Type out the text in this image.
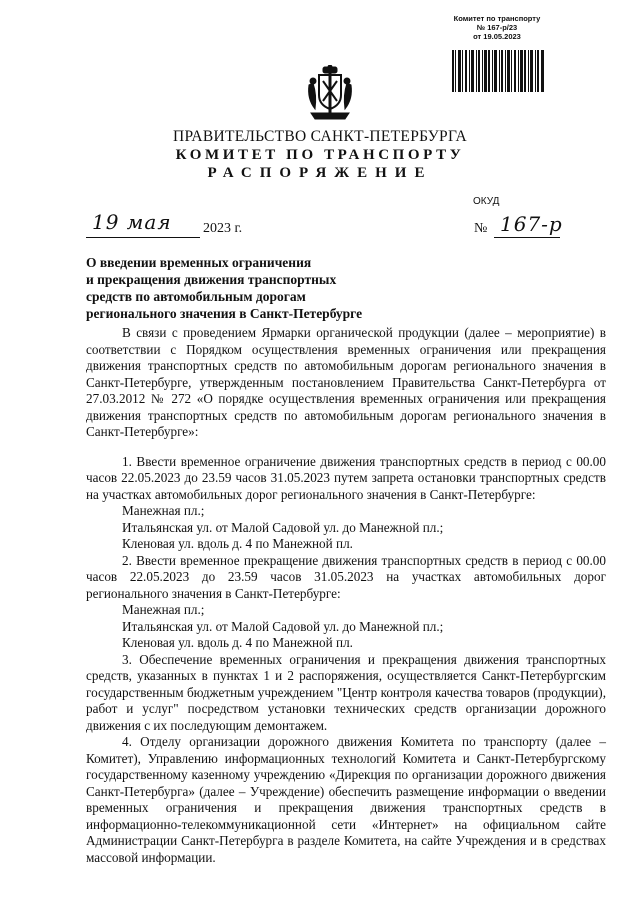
Комитет по транспорту
№ 167-р/23
от 19.05.2023
ПРАВИТЕЛЬСТВО САНКТ-ПЕТЕРБУРГА
КОМИТЕТ ПО ТРАНСПОРТУ
РАСПОРЯЖЕНИЕ
ОКУД
19 мая 2023 г.	№ 167-р
О введении временных ограничения
и прекращения движения транспортных
средств по автомобильным дорогам
регионального значения в Санкт-Петербурге

В связи с проведением Ярмарки органической продукции (далее – мероприятие) в соответствии с Порядком осуществления временных ограничения или прекращения движения транспортных средств по автомобильным дорогам регионального значения в Санкт-Петербурге, утвержденным постановлением Правительства Санкт-Петербурга от 27.03.2012 № 272 «О порядке осуществления временных ограничения или прекращения движения транспортных средств по автомобильным дорогам регионального значения в Санкт-Петербурге»:

1. Ввести временное ограничение движения транспортных средств в период с 00.00 часов 22.05.2023 до 23.59 часов 31.05.2023 путем запрета остановки транспортных средств на участках автомобильных дорог регионального значения в Санкт-Петербурге:

Манежная пл.;

Итальянская ул. от Малой Садовой ул. до Манежной пл.;

Кленовая ул. вдоль д. 4 по Манежной пл.

2. Ввести временное прекращение движения транспортных средств в период с 00.00 часов 22.05.2023 до 23.59 часов 31.05.2023 на участках автомобильных дорог регионального значения в Санкт-Петербурге:

Манежная пл.;

Итальянская ул. от Малой Садовой ул. до Манежной пл.;

Кленовая ул. вдоль д. 4 по Манежной пл.

3. Обеспечение временных ограничения и прекращения движения транспортных средств, указанных в пунктах 1 и 2 распоряжения, осуществляется Санкт-Петербургским государственным бюджетным учреждением "Центр контроля качества товаров (продукции), работ и услуг" посредством установки технических средств организации дорожного движения с их последующим демонтажем.

4. Отделу организации дорожного движения Комитета по транспорту (далее – Комитет), Управлению информационных технологий Комитета и Санкт-Петербургскому государственному казенному учреждению «Дирекция по организации дорожного движения Санкт-Петербурга» (далее – Учреждение) обеспечить размещение информации о введении временных ограничения и прекращения движения транспортных средств в информационно-телекоммуникационной сети «Интернет» на официальном сайте Администрации Санкт-Петербурга в разделе Комитета, на сайте Учреждения и в средствах массовой информации.
